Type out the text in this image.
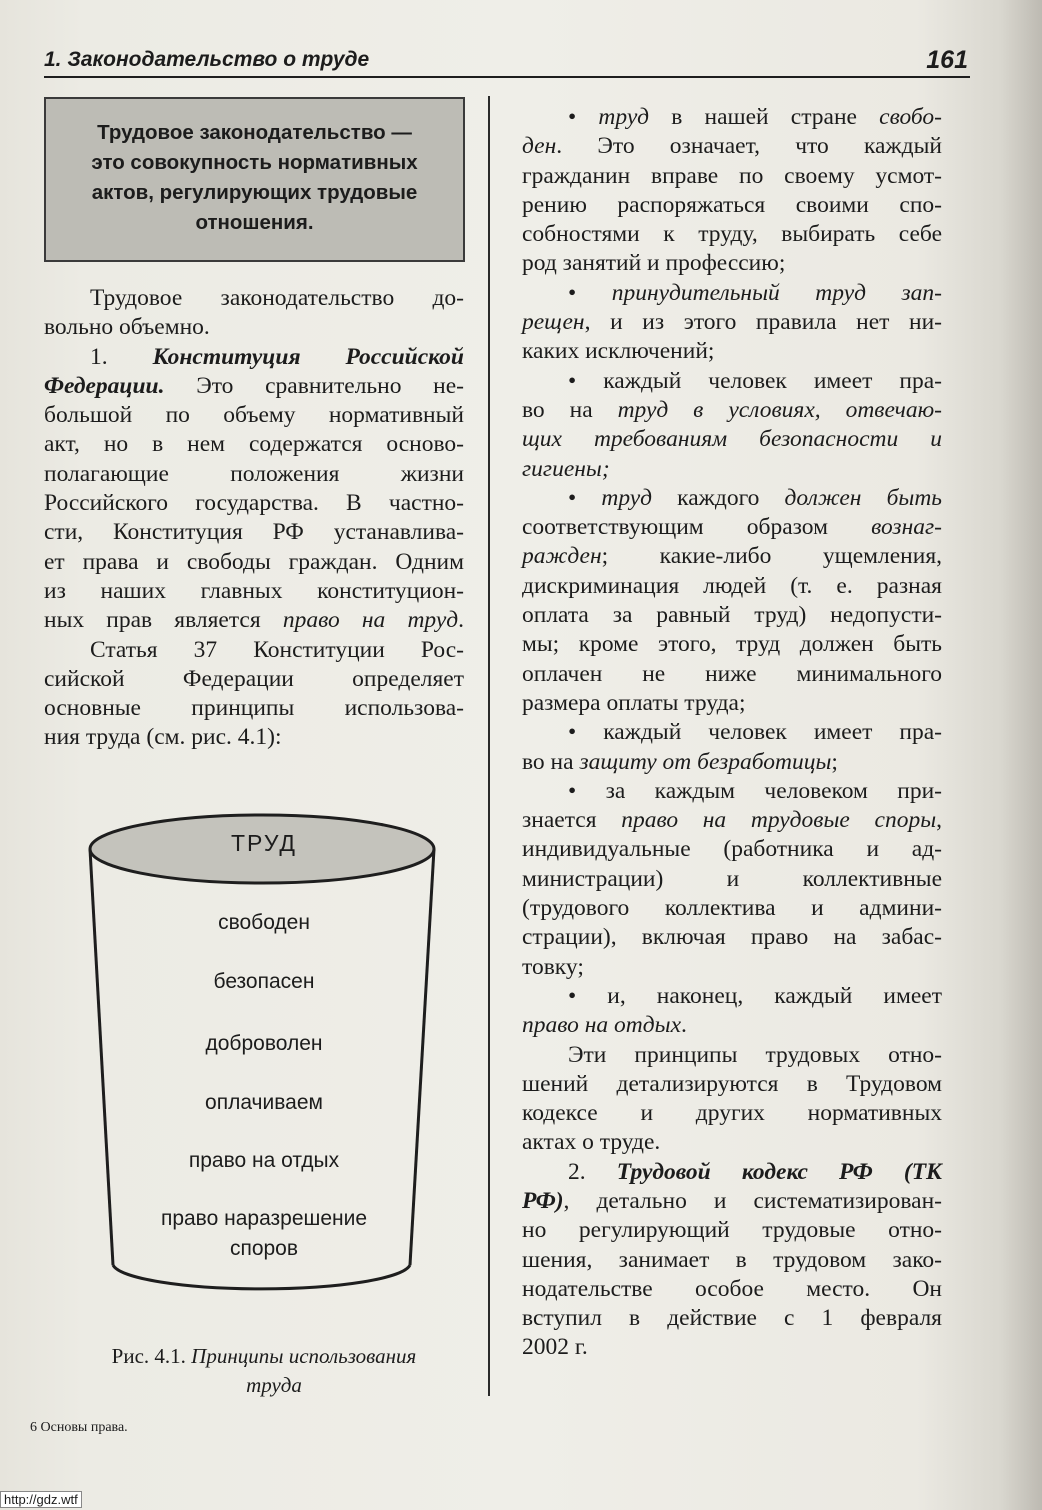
1. Законодательство о труде	161
Трудовое законодательство —
это совокупность нормативных
актов, регулирующих трудовые
отношения.

Трудовое законодательство до-

вольно объемно.

1. Конституция Российской

Федерации. Это сравнительно не-

большой по объему нормативный

акт, но в нем содержатся осново-

полагающие положения жизни

Российского государства. В частно-

сти, Конституция РФ устанавлива-

ет права и свободы граждан. Одним

из наших главных конституцион-

ных прав является право на труд.

Статья 37 Конституции Рос-

сийской Федерации определяет

основные принципы использова-

ния труда (см. рис. 4.1):

ТРУД
свободен
безопасен
доброволен
оплачиваем
право на отдых
право наразрешение
споров
Рис. 4.1. Принципы использования
труда

• труд в нашей стране свобо-

ден. Это означает, что каждый

гражданин вправе по своему усмот-

рению распоряжаться своими спо-

собностями к труду, выбирать себе

род занятий и профессию;

• принудительный труд зап-

рещен, и из этого правила нет ни-

каких исключений;

• каждый человек имеет пра-

во на труд в условиях, отвечаю-

щих требованиям безопасности и

гигиены;

• труд каждого должен быть

соответствующим образом вознаг-

ражден; какие-либо ущемления,

дискриминация людей (т. е. разная

оплата за равный труд) недопусти-

мы; кроме этого, труд должен быть

оплачен не ниже минимального

размера оплаты труда;

• каждый человек имеет пра-

во на защиту от безработицы;

• за каждым человеком при-

знается право на трудовые споры,

индивидуальные (работника и ад-

министрации) и коллективные

(трудового коллектива и админи-

страции), включая право на забас-

товку;

• и, наконец, каждый имеет

право на отдых.

Эти принципы трудовых отно-

шений детализируются в Трудовом

кодексе и других нормативных

актах о труде.

2. Трудовой кодекс РФ (ТК

РФ), детально и систематизирован-

но регулирующий трудовые отно-

шения, занимает в трудовом зако-

нодательстве особое место. Он

вступил в действие с 1 февраля

2002 г.

6 Основы права.
http://gdz.wtf
